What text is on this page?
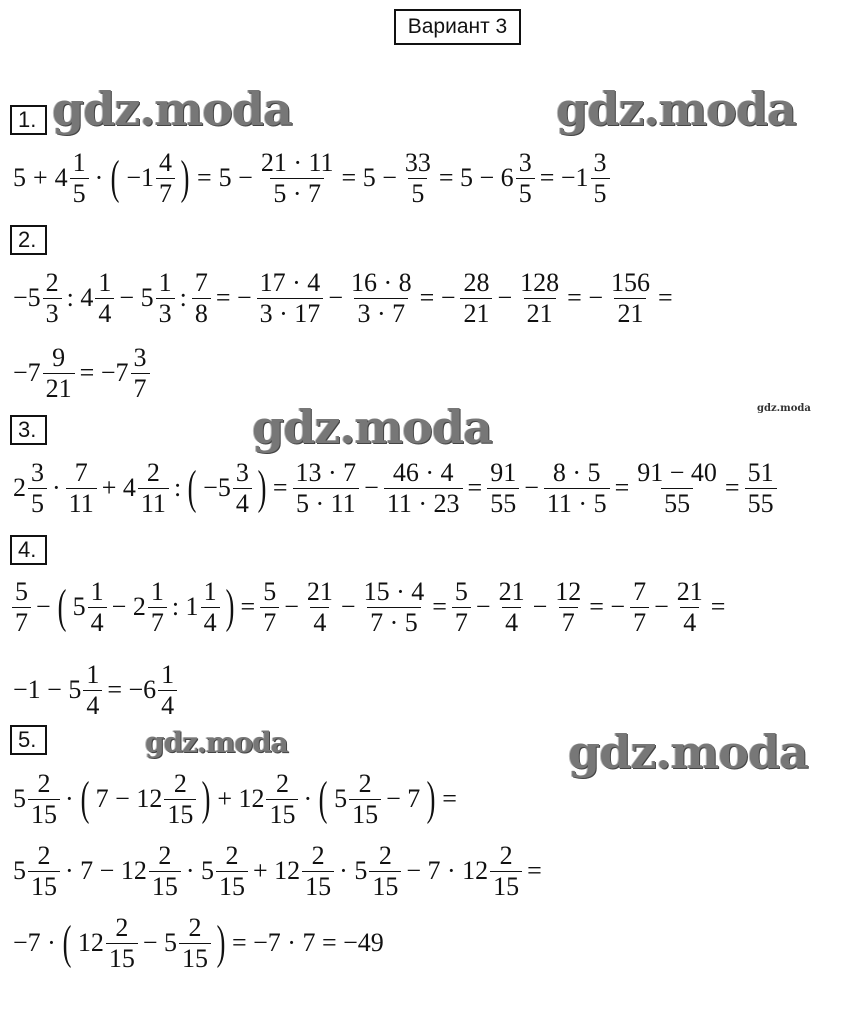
Вариант 3
gdz.moda	gdz.moda
gdz.moda	gdz.moda
gdz.moda	gdz.moda
1.
2.
3.
4.
5.
$5 + 4 \frac{1}{5}$ · ( $-1 \frac{4}{7}$ ) = $5 - \frac{21 \cdot 11}{5 \cdot 7} = 5 - \frac{33}{5} = 5 - 6 \frac{3}{5} = -1 \frac{3}{5}$
$-5 \frac{2}{3}$ : $4 \frac{1}{4} - 5 \frac{1}{3}$ : $\frac{7}{8}$ = − $\frac{17 \cdot 4}{3 \cdot 17} - \frac{16 \cdot 8}{3 \cdot 7}$ = − $\frac{28}{21} - \frac{128}{21}$ = − $\frac{156}{21}$ =
$-7 \frac{9}{21} = -7 \frac{3}{7}$
$2 \frac{3}{5} \cdot \frac{7}{11} + 4 \frac{2}{11}$ : ( $-5 \frac{3}{4}$ ) = $\frac{13 \cdot 7}{5 \cdot 11} - \frac{46 \cdot 4}{11 \cdot 23} = \frac{91}{55} - \frac{8 \cdot 5}{11 \cdot 5} = \frac{91 - 40}{55} = \frac{51}{55}$
$\frac{5}{7}$ − ( $5 \frac{1}{4} - 2 \frac{1}{7}$ : $1 \frac{1}{4}$ ) = $\frac{5}{7} - \frac{21}{4} - \frac{15 \cdot 4}{7 \cdot 5} = \frac{5}{7} - \frac{21}{4} - \frac{12}{7}$ = − $\frac{7}{7} - \frac{21}{4}$ =
$-1 - 5 \frac{1}{4} = -6 \frac{1}{4}$
$5 \frac{2}{15}$ · ( $7 - 12 \frac{2}{15}$ ) + $12 \frac{2}{15}$ · ( $5 \frac{2}{15} - 7$ ) =
$5 \frac{2}{15} \cdot 7 - 12 \frac{2}{15} \cdot 5 \frac{2}{15} + 12 \frac{2}{15} \cdot 5 \frac{2}{15} - 7 \cdot 12 \frac{2}{15}$ =
−7 · ( $12 \frac{2}{15} - 5 \frac{2}{15}$ ) = −7 · 7 = −49
